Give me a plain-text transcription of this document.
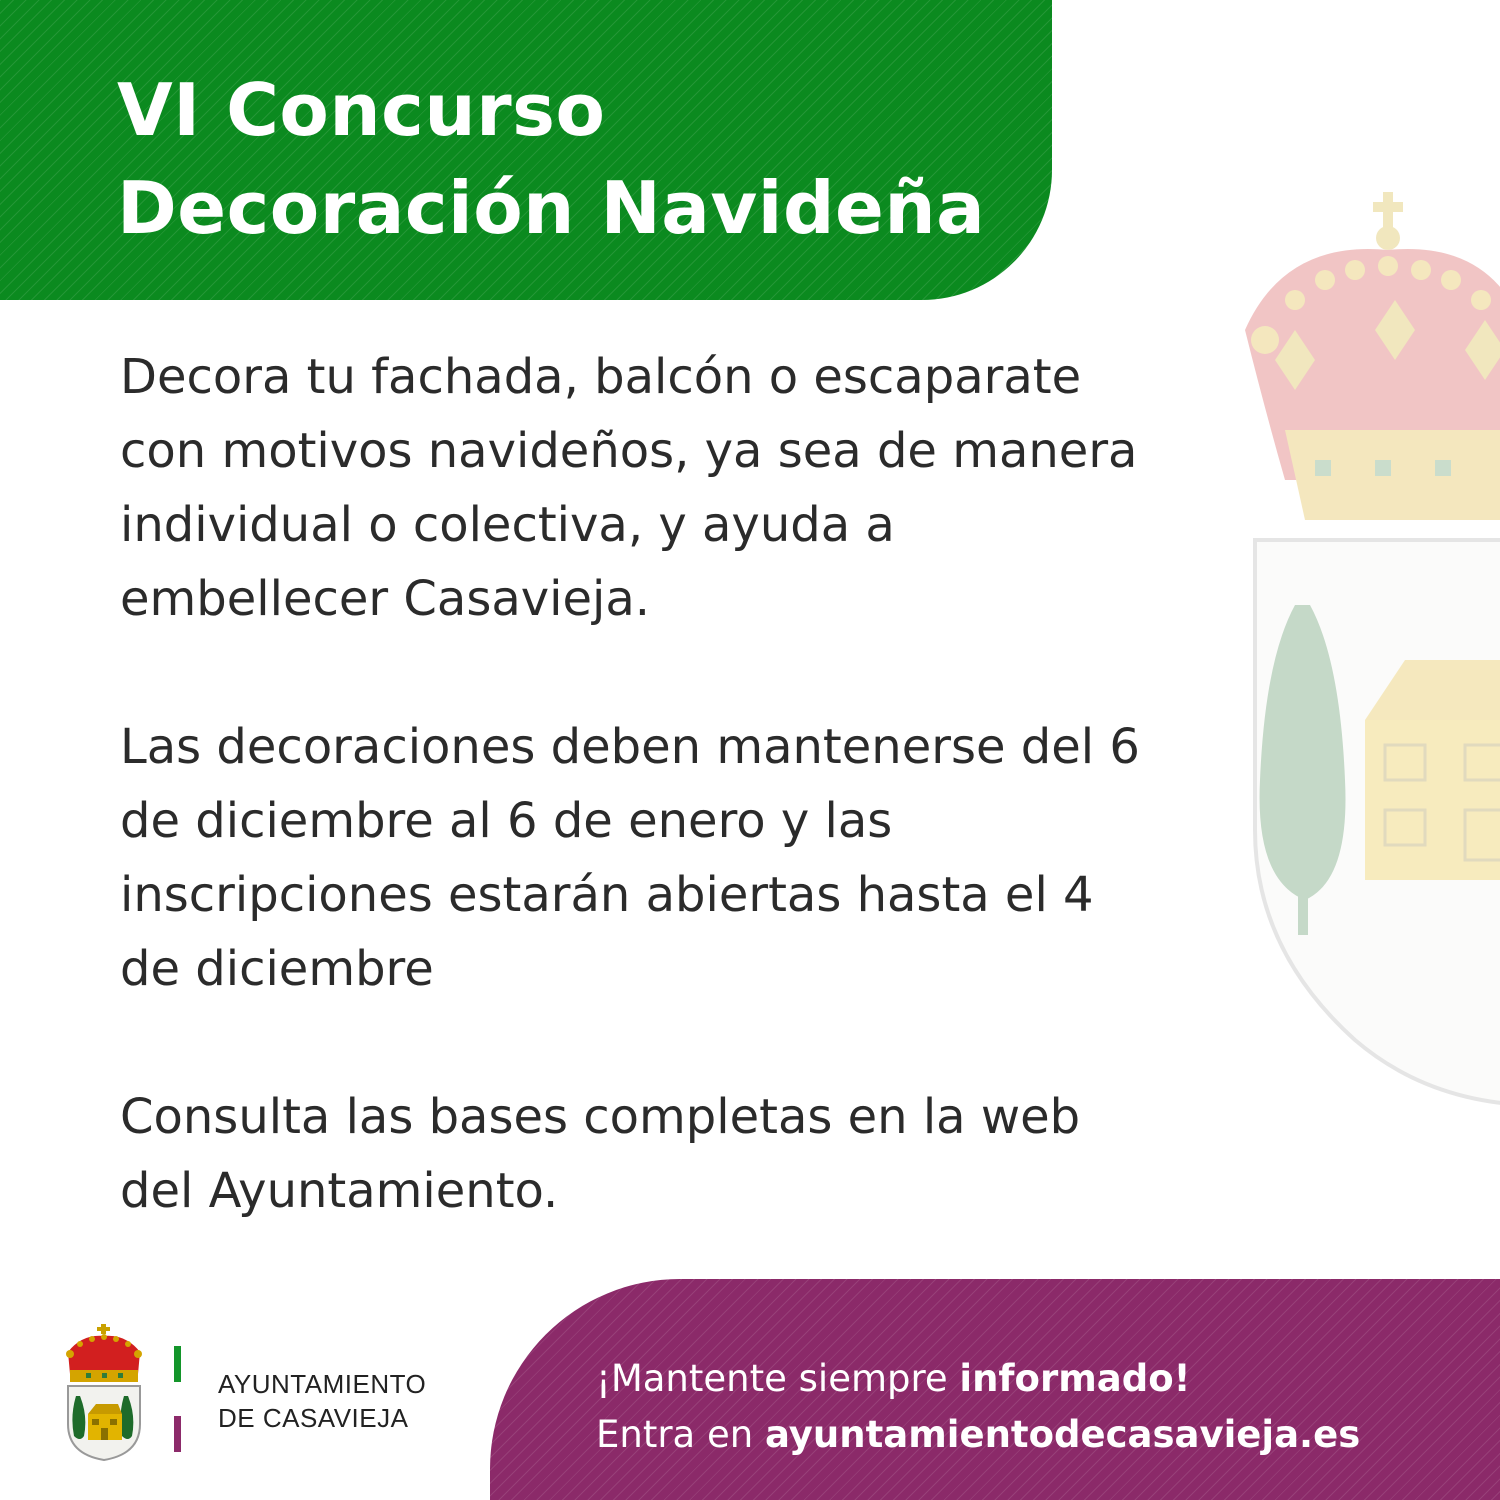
VI Concurso
Decoración Navideña

Decora tu fachada, balcón o escaparate
con motivos navideños, ya sea de manera
individual o colectiva, y ayuda a
embellecer Casavieja.

Las decoraciones deben mantenerse del 6
de diciembre al 6 de enero y las
inscripciones estarán abiertas hasta el 4
de diciembre

Consulta las bases completas en la web
del Ayuntamiento.

AYUNTAMIENTO
DE CASAVIEJA
¡Mantente siempre informado!
Entra en ayuntamientodecasavieja.es
